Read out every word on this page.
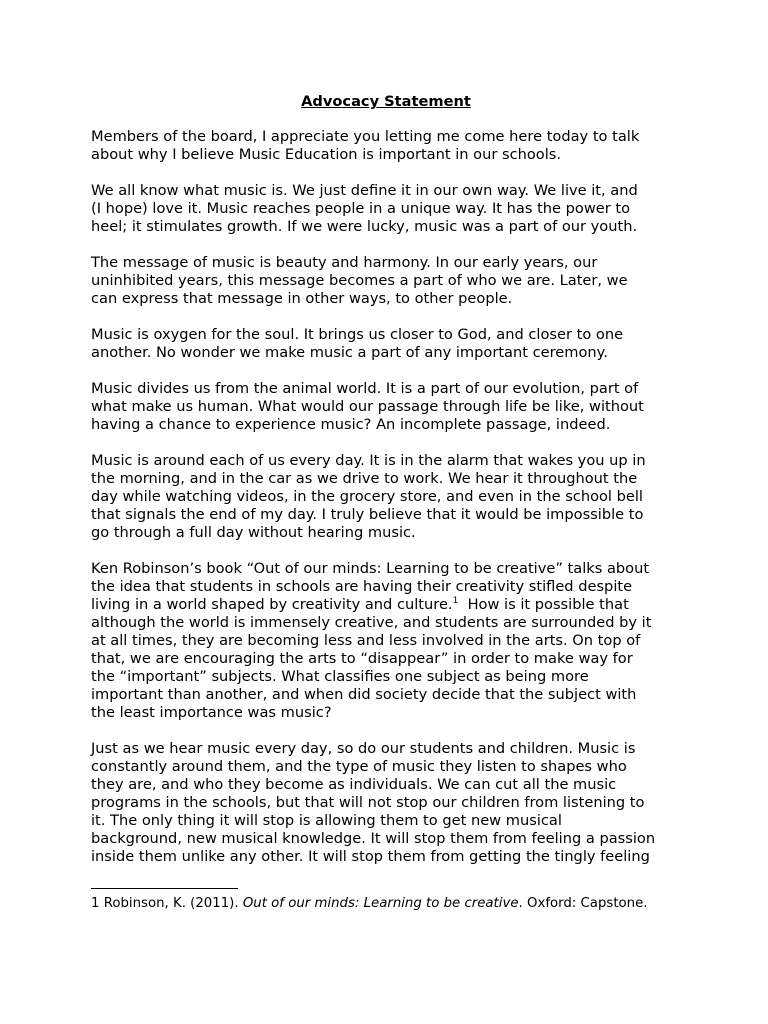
Advocacy Statement
Members of the board, I appreciate you letting me come here today to talk
about why I believe Music Education is important in our schools.
We all know what music is. We just define it in our own way. We live it, and
(I hope) love it. Music reaches people in a unique way. It has the power to
heel; it stimulates growth. If we were lucky, music was a part of our youth.
The message of music is beauty and harmony. In our early years, our
uninhibited years, this message becomes a part of who we are. Later, we
can express that message in other ways, to other people.
Music is oxygen for the soul. It brings us closer to God, and closer to one
another. No wonder we make music a part of any important ceremony.
Music divides us from the animal world. It is a part of our evolution, part of
what make us human. What would our passage through life be like, without
having a chance to experience music? An incomplete passage, indeed.
Music is around each of us every day. It is in the alarm that wakes you up in
the morning, and in the car as we drive to work. We hear it throughout the
day while watching videos, in the grocery store, and even in the school bell
that signals the end of my day. I truly believe that it would be impossible to
go through a full day without hearing music.
Ken Robinson’s book “Out of our minds: Learning to be creative” talks about
the idea that students in schools are having their creativity stifled despite
living in a world shaped by creativity and culture.$^1$  How is it possible that
although the world is immensely creative, and students are surrounded by it
at all times, they are becoming less and less involved in the arts. On top of
that, we are encouraging the arts to “disappear” in order to make way for
the “important” subjects. What classifies one subject as being more
important than another, and when did society decide that the subject with
the least importance was music?
Just as we hear music every day, so do our students and children. Music is
constantly around them, and the type of music they listen to shapes who
they are, and who they become as individuals. We can cut all the music
programs in the schools, but that will not stop our children from listening to
it. The only thing it will stop is allowing them to get new musical
background, new musical knowledge. It will stop them from feeling a passion
inside them unlike any other. It will stop them from getting the tingly feeling
1 Robinson, K. (2011). Out of our minds: Learning to be creative. Oxford: Capstone.
